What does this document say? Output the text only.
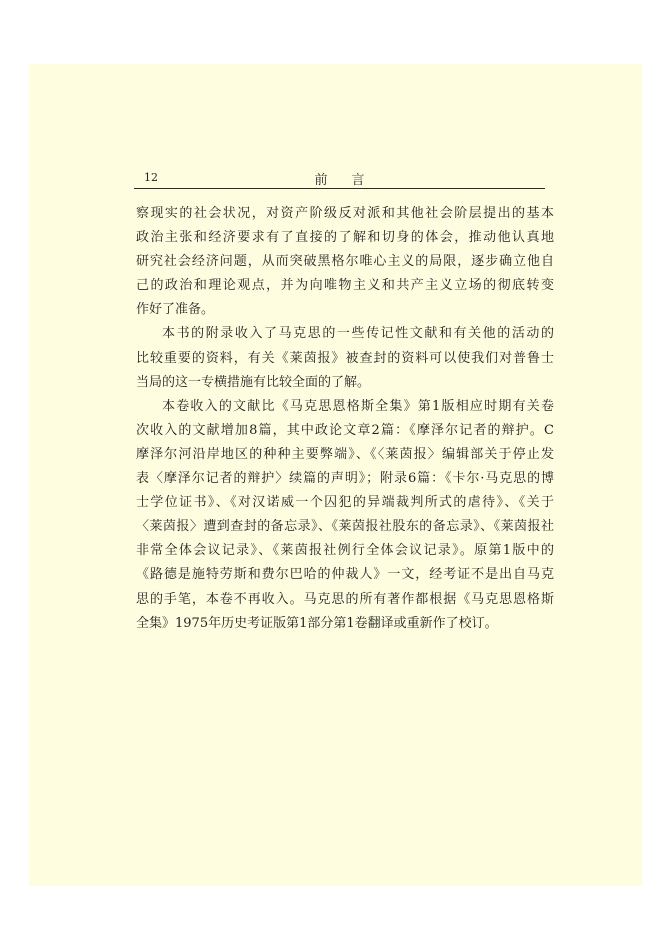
12	前言
察现实的社会状况，对资产阶级反对派和其他社会阶层提出的基本
政治主张和经济要求有了直接的了解和切身的体会，推动他认真地
研究社会经济问题，从而突破黑格尔唯心主义的局限，逐步确立他自
己的政治和理论观点，并为向唯物主义和共产主义立场的彻底转变
作好了准备。
本书的附录收入了马克思的一些传记性文献和有关他的活动的
比较重要的资料，有关《莱茵报》被查封的资料可以使我们对普鲁士
当局的这一专横措施有比较全面的了解。
本卷收入的文献比《马克思恩格斯全集》第1版相应时期有关卷
次收入的文献增加8篇，其中政论文章2篇：《摩泽尔记者的辩护。C
摩泽尔河沿岸地区的种种主要弊端》、《〈莱茵报〉编辑部关于停止发
表〈摩泽尔记者的辩护〉续篇的声明》；附录6篇：《卡尔·马克思的博
士学位证书》、《对汉诺威一个囚犯的异端裁判所式的虐待》、《关于
〈莱茵报〉遭到查封的备忘录》、《莱茵报社股东的备忘录》、《莱茵报社
非常全体会议记录》、《莱茵报社例行全体会议记录》。原第1版中的
《路德是施特劳斯和费尔巴哈的仲裁人》一文，经考证不是出自马克
思的手笔，本卷不再收入。马克思的所有著作都根据《马克思恩格斯
全集》1975年历史考证版第1部分第1卷翻译或重新作了校订。
